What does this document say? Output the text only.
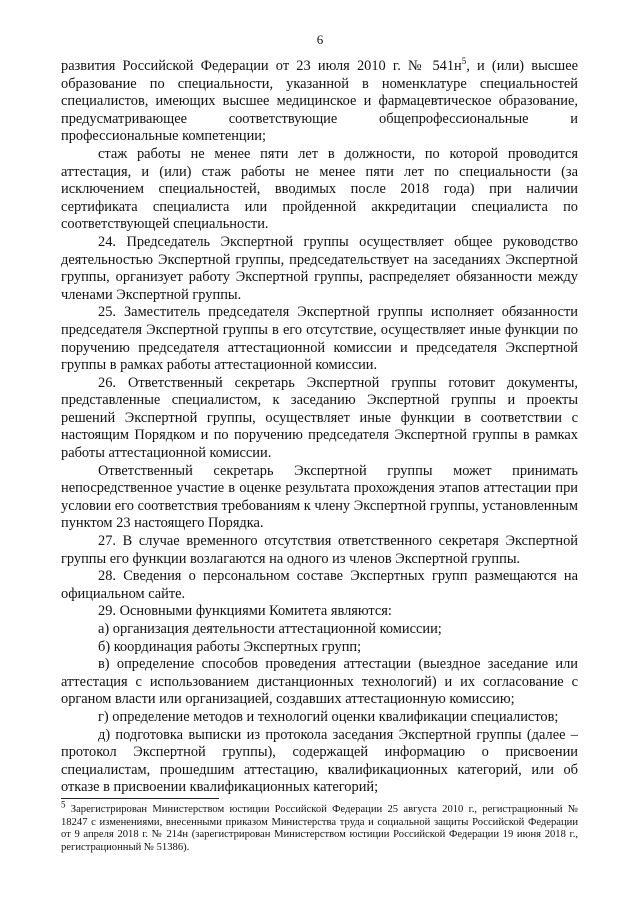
6

развития Российской Федерации от 23 июля 2010 г. № $541н^5$, и (или) высшее образование по специальности, указанной в номенклатуре специальностей специалистов, имеющих высшее медицинское и фармацевтическое образование, предусматривающее соответствующие общепрофессиональные и профессиональные компетенции;

стаж работы не менее пяти лет в должности, по которой проводится аттестация, и (или) стаж работы не менее пяти лет по специальности (за исключением специальностей, вводимых после 2018 года) при наличии сертификата специалиста или пройденной аккредитации специалиста по соответствующей специальности.

24. Председатель Экспертной группы осуществляет общее руководство деятельностью Экспертной группы, председательствует на заседаниях Экспертной группы, организует работу Экспертной группы, распределяет обязанности между членами Экспертной группы.

25. Заместитель председателя Экспертной группы исполняет обязанности председателя Экспертной группы в его отсутствие, осуществляет иные функции по поручению председателя аттестационной комиссии и председателя Экспертной группы в рамках работы аттестационной комиссии.

26. Ответственный секретарь Экспертной группы готовит документы, представленные специалистом, к заседанию Экспертной группы и проекты решений Экспертной группы, осуществляет иные функции в соответствии с настоящим Порядком и по поручению председателя Экспертной группы в рамках работы аттестационной комиссии.

Ответственный секретарь Экспертной группы может принимать непосредственное участие в оценке результата прохождения этапов аттестации при условии его соответствия требованиям к члену Экспертной группы, установленным пунктом 23 настоящего Порядка.

27. В случае временного отсутствия ответственного секретаря Экспертной группы его функции возлагаются на одного из членов Экспертной группы.

28. Сведения о персональном составе Экспертных групп размещаются на официальном сайте.

29. Основными функциями Комитета являются:

а) организация деятельности аттестационной комиссии;

б) координация работы Экспертных групп;

в) определение способов проведения аттестации (выездное заседание или аттестация с использованием дистанционных технологий) и их согласование с органом власти или организацией, создавших аттестационную комиссию;

г) определение методов и технологий оценки квалификации специалистов;

д) подготовка выписки из протокола заседания Экспертной группы (далее – протокол Экспертной группы), содержащей информацию о присвоении специалистам, прошедшим аттестацию, квалификационных категорий, или об отказе в присвоении квалификационных категорий;

$^5$ Зарегистрирован Министерством юстиции Российской Федерации 25 августа 2010 г., регистрационный № 18247 с изменениями, внесенными приказом Министерства труда и социальной защиты Российской Федерации от 9 апреля 2018 г. № 214н (зарегистрирован Министерством юстиции Российской Федерации 19 июня 2018 г., регистрационный № 51386).
